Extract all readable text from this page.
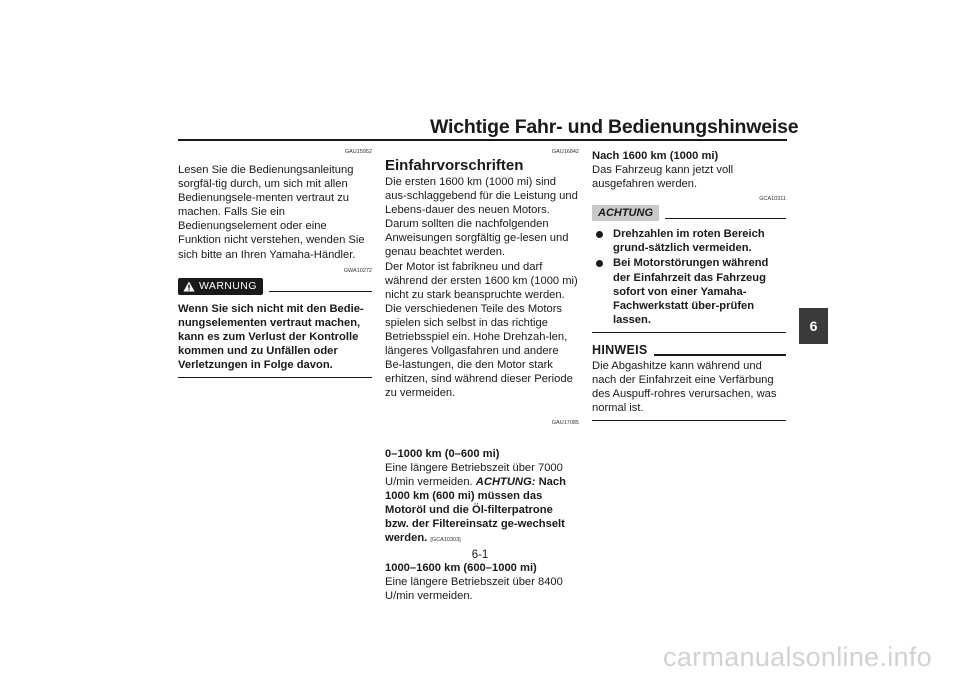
Wichtige Fahr- und Bedienungshinweise
GAU15952

Lesen Sie die Bedienungsanleitung sorgfäl-tig durch, um sich mit allen Bedienungsele-menten vertraut zu machen. Falls Sie ein Bedienungselement oder eine Funktion nicht verstehen, wenden Sie sich bitte an Ihren Yamaha-Händler.

GWA10272
WARNUNG

Wenn Sie sich nicht mit den Bedie-nungselementen vertraut machen, kann es zum Verlust der Kontrolle kommen und zu Unfällen oder Verletzungen in Folge davon.

GAU16842
Einfahrvorschriften

Die ersten 1600 km (1000 mi) sind aus-schlaggebend für die Leistung und Lebens-dauer des neuen Motors. Darum sollten die nachfolgenden Anweisungen sorgfältig ge-lesen und genau beachtet werden.

Der Motor ist fabrikneu und darf während der ersten 1600 km (1000 mi) nicht zu stark beanspruchte werden. Die verschiedenen Teile des Motors spielen sich selbst in das richtige Betriebsspiel ein. Hohe Drehzah-len, längeres Vollgasfahren und andere Be-lastungen, die den Motor stark erhitzen, sind während dieser Periode zu vermeiden.

GAU17085

0–1000 km (0–600 mi)

Eine längere Betriebszeit über 7000 U/min vermeiden. ACHTUNG: Nach 1000 km (600 mi) müssen das Motoröl und die Öl-filterpatrone bzw. der Filtereinsatz ge-wechselt werden. [GCA10303]

1000–1600 km (600–1000 mi)

Eine längere Betriebszeit über 8400 U/min vermeiden.

Nach 1600 km (1000 mi)

Das Fahrzeug kann jetzt voll ausgefahren werden.

GCA10311
ACHTUNG
Drehzahlen im roten Bereich grund-sätzlich vermeiden.
Bei Motorstörungen während der Einfahrzeit das Fahrzeug sofort von einer Yamaha-Fachwerkstatt über-prüfen lassen.
HINWEIS

Die Abgashitze kann während und nach der Einfahrzeit eine Verfärbung des Auspuff-rohres verursachen, was normal ist.

6
6-1
carmanualsonline.info
